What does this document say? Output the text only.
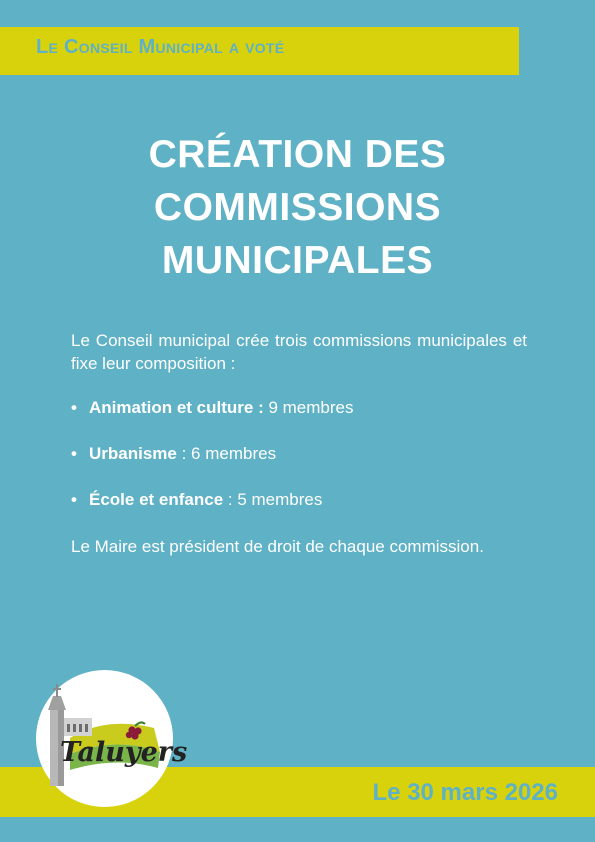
Le Conseil Municipal a voté
CRÉATION DES
COMMISSIONS
MUNICIPALES
Le Conseil municipal crée trois commissions municipales et fixe leur composition :
• Animation et culture : 9 membres
• Urbanisme : 6 membres
• École et enfance : 5 membres
Le Maire est président de droit de chaque commission.
Le 30 mars 2026
Taluyers
